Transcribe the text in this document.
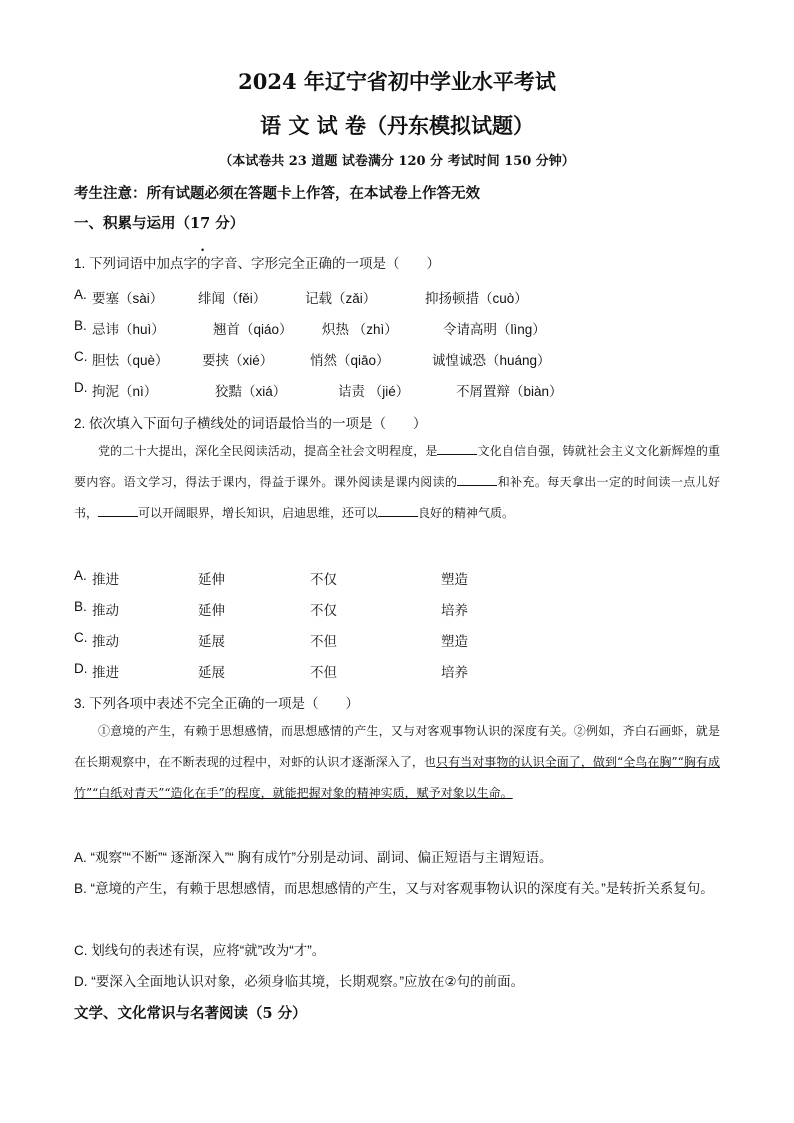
2024 年辽宁省初中学业水平考试
语 文 试 卷（丹东模拟试题）
（本试卷共 23 道题 试卷满分 120 分 考试时间 150 分钟）
考生注意：所有试题必须在答题卡上作答，在本试卷上作答无效
一、积累与运用（17 分）
1. 下列词语中加点字的字音、字形完全正确的一项是（　　）
A. 要塞（sài）	绯闻（fěi）	记载（zǎi）	抑扬顿措（cuò）
B. 忌讳（huì）	翘首（qiáo） 炽热 （zhì）	令请高明（lìng）
C. 胆怯（què） 要挟（xié）	悄然（qiāo）	诚惶诚恐（huáng）
D. 拘泥（nì）	狡黠（xiá）	诘责 （jié）	不屑置辩（biàn）
2. 依次填入下面句子横线处的词语最恰当的一项是（　　）

党的二十大提出，深化全民阅读活动，提高全社会文明程度，是	文化自信自强，铸就社会主义文化新辉煌的重要内容。语文学习，得法于课内，得益于课外。课外阅读是课内阅读的	和补充。每天拿出一定的时间读一点儿好书，	可以开阔眼界，增长知识，启迪思维，还可以	良好的精神气质。

A. 推进	延伸	不仅	塑造
B. 推动	延伸	不仅	培养
C. 推动	延展	不但	塑造
D. 推进	延展	不但	培养
3. 下列各项中表述不完全正确的一项是（　　）

①意境的产生，有赖于思想感情，而思想感情的产生，又与对客观事物认识的深度有关。②例如，齐白石画虾，就是在长期观察中，在不断表现的过程中，对虾的认识才逐渐深入了，也只有当对事物的认识全面了，做到“全鸟在胸”“胸有成竹”“白纸对青天”“造化在手”的程度，就能把握对象的精神实质，赋予对象以生命。

A. “观察”“不断”“ 逐渐深入”“ 胸有成竹”分别是动词、副词、偏正短语与主谓短语。
B. “意境的产生，有赖于思想感情，而思想感情的产生，又与对客观事物认识的深度有关。”是转折关系复句。
C. 划线句的表述有误，应将“就”改为“才”。
D. “要深入全面地认识对象，必须身临其境，长期观察。”应放在②句的前面。
文学、文化常识与名著阅读（5 分）
